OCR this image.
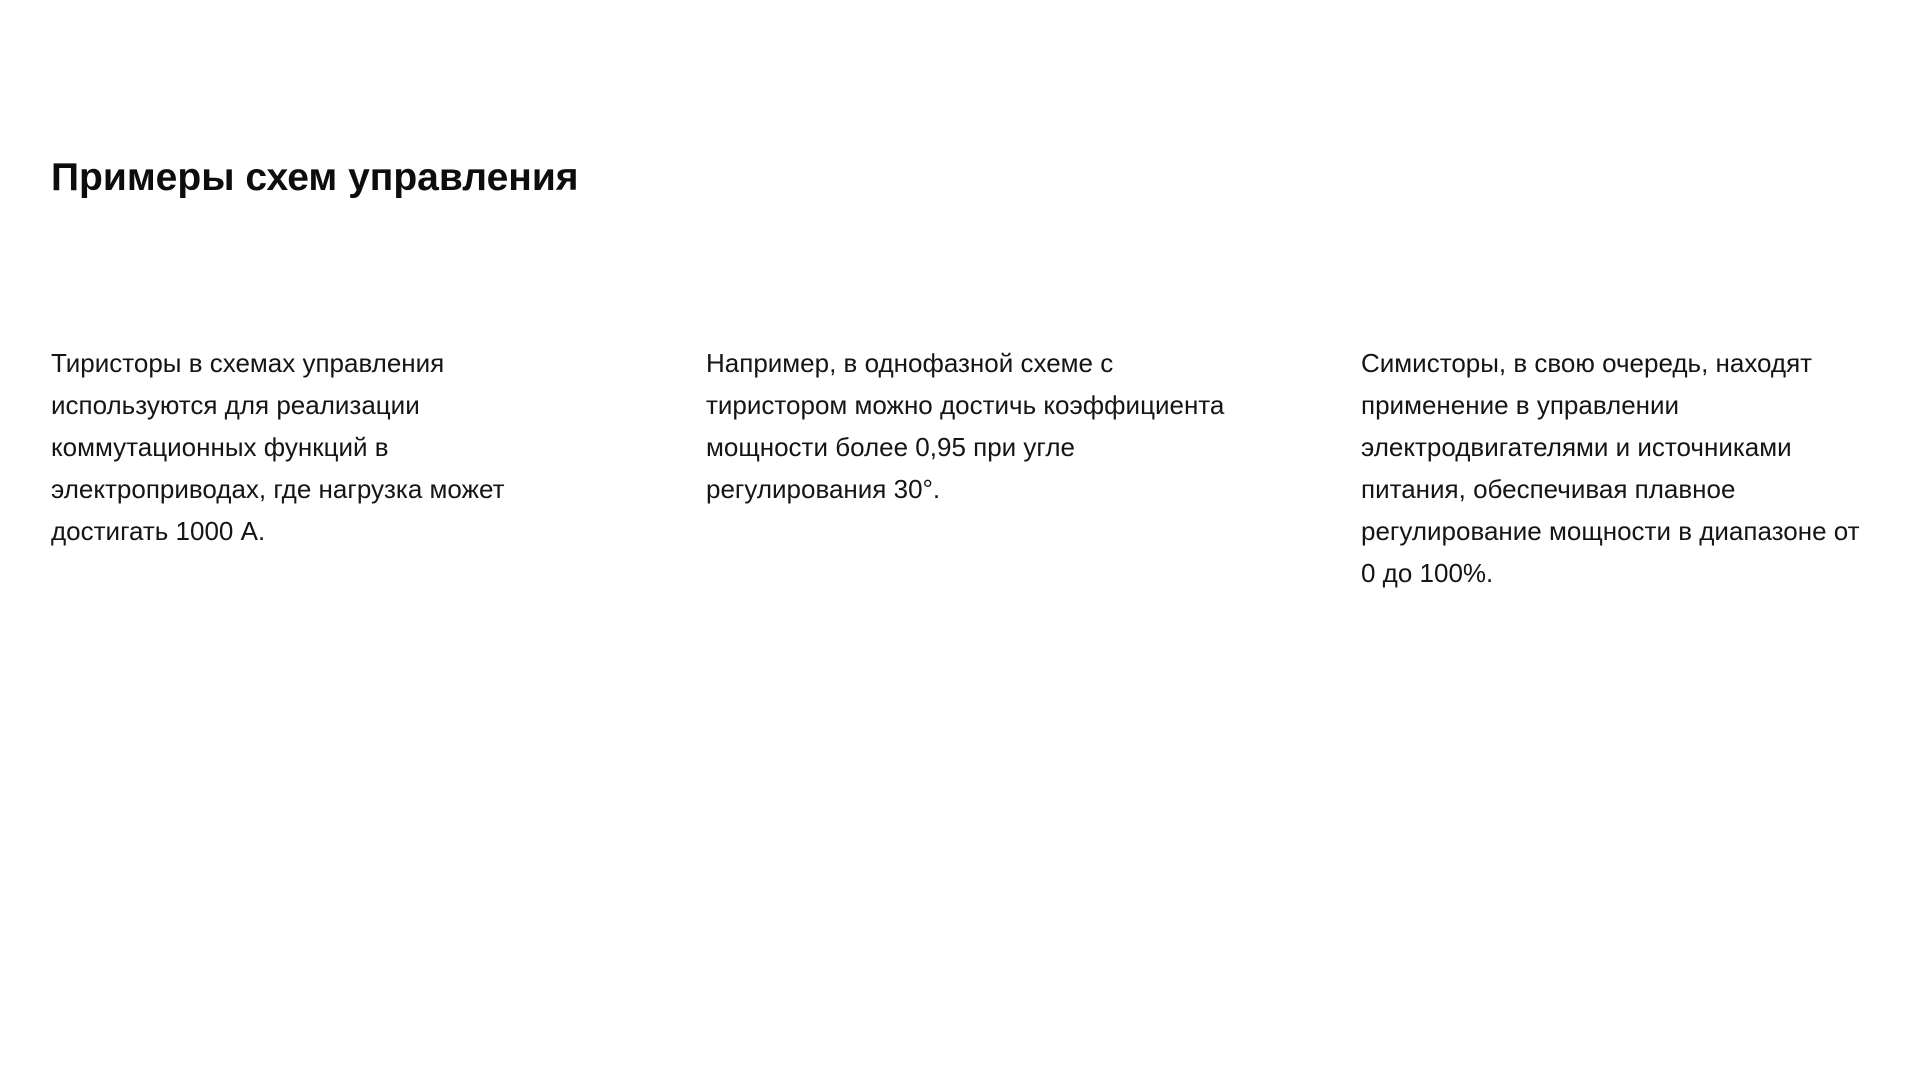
Примеры схем управления

Тиристоры в схемах управления используются для реализации коммутационных функций в электроприводах, где нагрузка может достигать 1000 А.

Например, в однофазной схеме с тиристором можно достичь коэффициента мощности более 0,95 при угле регулирования 30°.

Симисторы, в свою очередь, находят применение в управлении электродвигателями и источниками питания, обеспечивая плавное регулирование мощности в диапазоне от 0 до 100%.
